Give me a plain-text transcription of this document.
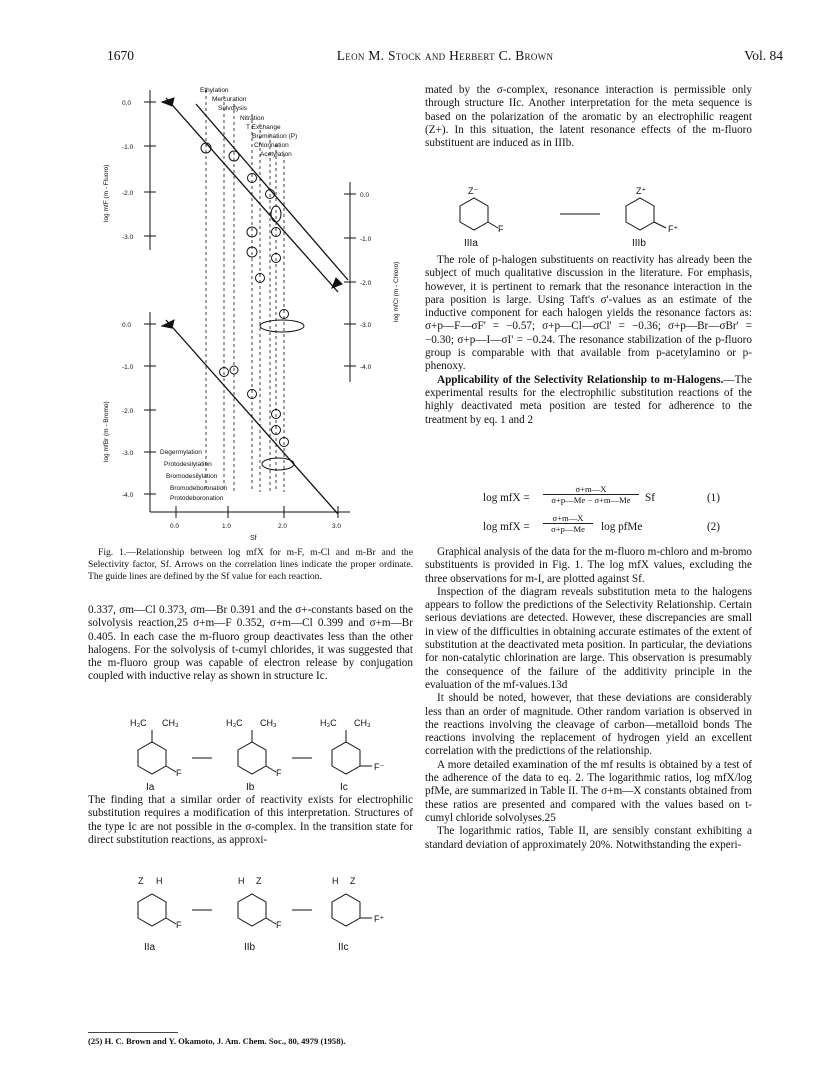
1670	Leon M. Stock and Herbert C. Brown	Vol. 84
Ethylation
Mercuration
Solvolysis
Nitration
T Exchange
Bromination (P)
Chlorination
Acetylation
Degermylation
Protodesilylation
Bromodesilylation
Bromodeboronation
Protodeboronation
0.0
-1.0
-2.0
-3.0
0.0
-1.0
-2.0
-3.0
-4.0
0.0
-1.0
-2.0
-3.0
-4.0
0.0	1.0	2.0	3.0
Sf
log mfF (m - Fluoro)
log mfBr (m - Bromo)
log mfCl (m - Chloro)

Fig. 1.—Relationship between log mfX for m-F, m-Cl and m-Br and the Selectivity factor, Sf. Arrows on the correlation lines indicate the proper ordinate. The guide lines are defined by the Sf value for each reaction.

0.337, σm—Cl 0.373, σm—Br 0.391 and the σ+-constants based on the solvolysis reaction,25 σ+m—F 0.352, σ+m—Cl 0.399 and σ+m—Br 0.405. In each case the m-fluoro group deactivates less than the other halogens. For the solvolysis of t-cumyl chlorides, it was suggested that the m-fluoro group was capable of electron release by conjugation coupled with inductive relay as shown in structure Ic.

H₃C CH₃	H₃C CH₃	H₃C CH₃
F	F
F⁻
Ia	Ib	Ic

The finding that a similar order of reactivity exists for electrophilic substitution requires a modification of this interpretation. Structures of the type Ic are not possible in the σ-complex. In the transition state for direct substitution reactions, as approxi-

Z H	H Z	H Z
F	F
F⁺
IIa	IIb	IIc
(25) H. C. Brown and Y. Okamoto, J. Am. Chem. Soc., 80, 4979 (1958).

mated by the σ-complex, resonance interaction is permissible only through structure IIc. Another interpretation for the meta sequence is based on the polarization of the aromatic by an electrophilic reagent (Z+). In this situation, the latent resonance effects of the m-fluoro substituent are induced as in IIIb.

Z⁻	Z⁺
F	F⁺
IIIa	IIIb

The role of p-halogen substituents on reactivity has already been the subject of much qualitative discussion in the literature. For emphasis, however, it is pertinent to remark that the resonance interaction in the para position is large. Using Taft's σ'-values as an estimate of the inductive component for each halogen yields the resonance factors as: σ+p—F—σF' = −0.57; σ+p—Cl—σCl' = −0.36; σ+p—Br—σBr' = −0.30; σ+p—I—σI' = −0.24. The resonance stabilization of the p-fluoro group is comparable with that available from p-acetylamino or p-phenoxy.

Applicability of the Selectivity Relationship to m-Halogens.—The experimental results for the electrophilic substitution reactions of the highly deactivated meta position are tested for adherence to the treatment by eq. 1 and 2

log mfX = $\frac{\sigma+m—X}{\sigma+p—Me - \sigma+m—Me}$ Sf	(1)
log mfX = $\frac{\sigma+m—X}{\sigma+p—Me}$ log pfMe	(2)

Graphical analysis of the data for the m-fluoro m-chloro and m-bromo substituents is provided in Fig. 1. The log mfX values, excluding the three observations for m-I, are plotted against Sf.

Inspection of the diagram reveals substitution meta to the halogens appears to follow the predictions of the Selectivity Relationship. Certain serious deviations are detected. However, these discrepancies are small in view of the difficulties in obtaining accurate estimates of the extent of substitution at the deactivated meta position. In particular, the deviations for non-catalytic chlorination are large. This observation is presumably the consequence of the failure of the additivity principle in the evaluation of the mf-values.13d

It should be noted, however, that these deviations are considerably less than an order of magnitude. Other random variation is observed in the reactions involving the cleavage of carbon—metalloid bonds The reactions involving the replacement of hydrogen yield an excellent correlation with the predictions of the relationship.

A more detailed examination of the mf results is obtained by a test of the adherence of the data to eq. 2. The logarithmic ratios, log mfX/log pfMe, are summarized in Table II. The σ+m—X constants obtained from these ratios are presented and compared with the values based on t-cumyl chloride solvolyses.25

The logarithmic ratios, Table II, are sensibly constant exhibiting a standard deviation of approximately 20%. Notwithstanding the experi-
